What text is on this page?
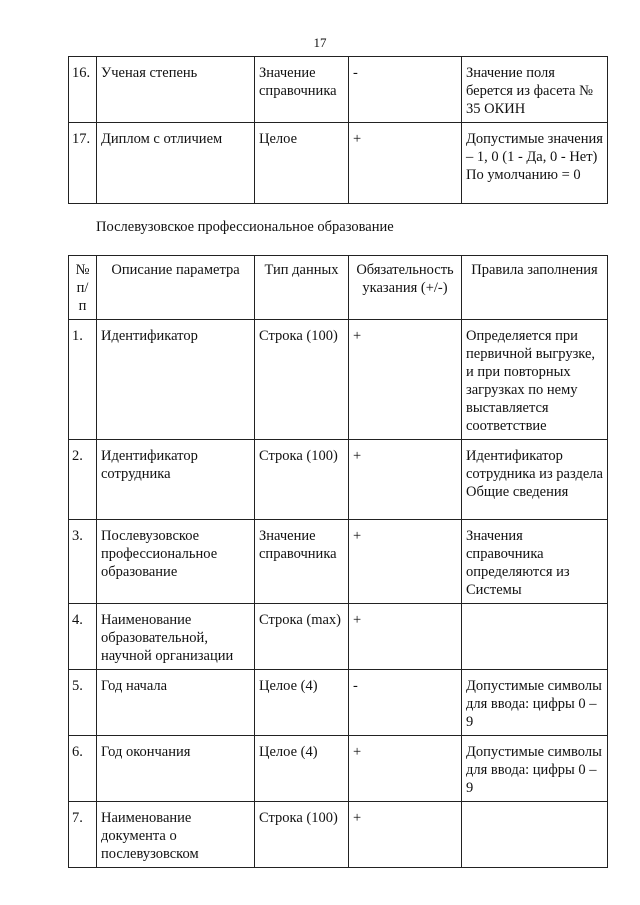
17
16.	Ученая степень	Значение справочника	-	Значение поля берется из фасета № 35 ОКИН
17.	Диплом с отличием	Целое	+	Допустимые значения – 1, 0 (1 - Да, 0 - Нет) По умолчанию = 0
Послевузовское профессиональное образование
№ п/п	Описание параметра	Тип данных	Обязательность указания (+/-)	Правила заполнения
1.	Идентификатор	Строка (100)	+	Определяется при первичной выгрузке, и при повторных загрузках по нему выставляется соответствие
2.	Идентификатор сотрудника	Строка (100)	+	Идентификатор сотрудника из раздела Общие сведения
3.	Послевузовское профессиональное образование	Значение справочника	+	Значения справочника определяются из Системы
4.	Наименование образовательной, научной организации	Строка (max)	+	
5.	Год начала	Целое (4)	-	Допустимые символы для ввода: цифры 0 – 9
6.	Год окончания	Целое (4)	+	Допустимые символы для ввода: цифры 0 – 9
7.	Наименование документа о послевузовском	Строка (100)	+	
